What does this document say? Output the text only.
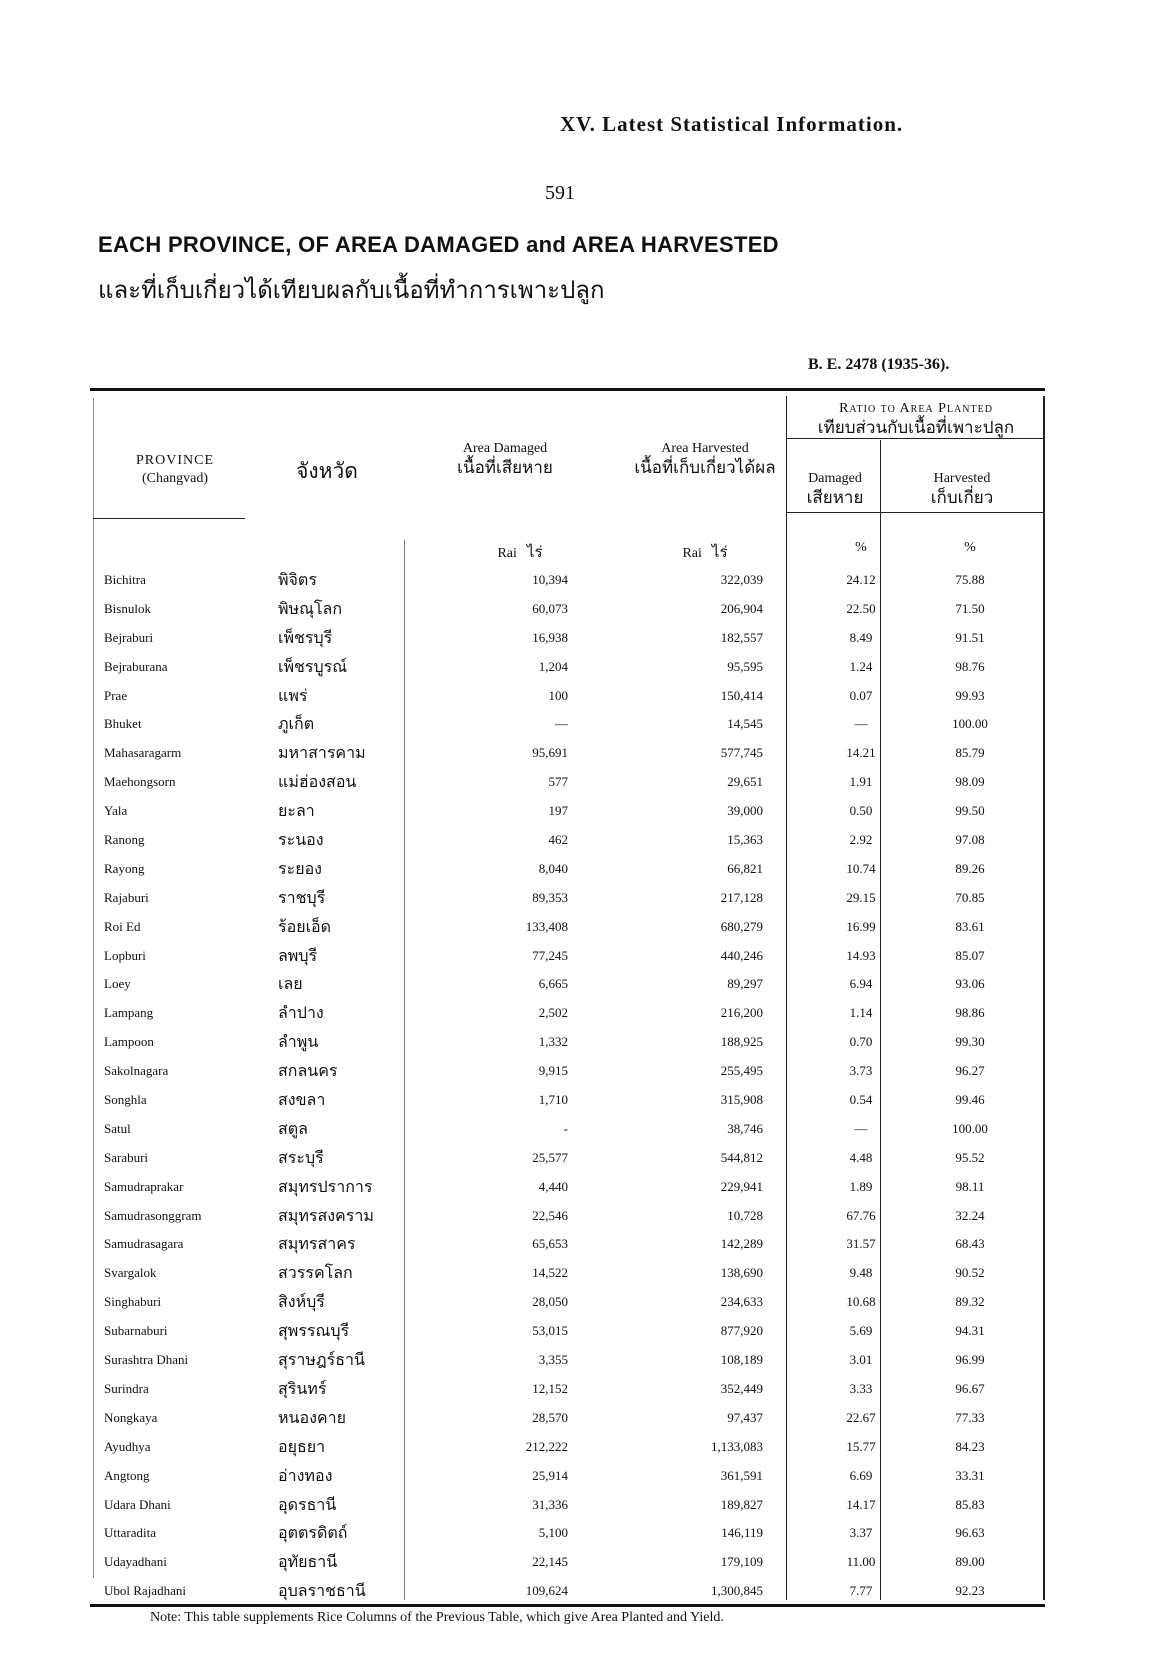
XV. Latest Statistical Information.
591
EACH PROVINCE, OF AREA DAMAGED and AREA HARVESTED
และที่เก็บเกี่ยวได้เทียบผลกับเนื้อที่ทำการเพาะปลูก
B. E. 2478 (1935-36).
PROVINCE
(Changvad)	จังหวัด
Area Damaged
เนื้อที่เสียหาย
Area Harvested
เนื้อที่เก็บเกี่ยวได้ผล
Ratio to Area Planted
เทียบส่วนกับเนื้อที่เพาะปลูก
Damaged
เสียหาย
Harvested
เก็บเกี่ยว
Rai ไร่	Rai ไร่	%	%
Bichitra	พิจิตร	10,394	322,039	24.12	75.88
Bisnulok	พิษณุโลก	60,073	206,904	22.50	71.50
Bejraburi	เพ็ชรบุรี	16,938	182,557	8.49	91.51
Bejraburana	เพ็ชรบูรณ์	1,204	95,595	1.24	98.76
Prae	แพร่	100	150,414	0.07	99.93
Bhuket	ภูเก็ต	—	14,545	—	100.00
Mahasaragarm	มหาสารคาม	95,691	577,745	14.21	85.79
Maehongsorn	แม่ฮ่องสอน	577	29,651	1.91	98.09
Yala	ยะลา	197	39,000	0.50	99.50
Ranong	ระนอง	462	15,363	2.92	97.08
Rayong	ระยอง	8,040	66,821	10.74	89.26
Rajaburi	ราชบุรี	89,353	217,128	29.15	70.85
Roi Ed	ร้อยเอ็ด	133,408	680,279	16.99	83.61
Lopburi	ลพบุรี	77,245	440,246	14.93	85.07
Loey	เลย	6,665	89,297	6.94	93.06
Lampang	ลำปาง	2,502	216,200	1.14	98.86
Lampoon	ลำพูน	1,332	188,925	0.70	99.30
Sakolnagara	สกลนคร	9,915	255,495	3.73	96.27
Songhla	สงขลา	1,710	315,908	0.54	99.46
Satul	สตูล	-	38,746	—	100.00
Saraburi	สระบุรี	25,577	544,812	4.48	95.52
Samudraprakar	สมุทรปราการ	4,440	229,941	1.89	98.11
Samudrasonggram	สมุทรสงคราม	22,546	10,728	67.76	32.24
Samudrasagara	สมุทรสาคร	65,653	142,289	31.57	68.43
Svargalok	สวรรคโลก	14,522	138,690	9.48	90.52
Singhaburi	สิงห์บุรี	28,050	234,633	10.68	89.32
Subarnaburi	สุพรรณบุรี	53,015	877,920	5.69	94.31
Surashtra Dhani	สุราษฎร์ธานี	3,355	108,189	3.01	96.99
Surindra	สุรินทร์	12,152	352,449	3.33	96.67
Nongkaya	หนองคาย	28,570	97,437	22.67	77.33
Ayudhya	อยุธยา	212,222	1,133,083	15.77	84.23
Angtong	อ่างทอง	25,914	361,591	6.69	33.31
Udara Dhani	อุดรธานี	31,336	189,827	14.17	85.83
Uttaradita	อุตตรดิตถ์	5,100	146,119	3.37	96.63
Udayadhani	อุทัยธานี	22,145	179,109	11.00	89.00
Ubol Rajadhani	อุบลราชธานี	109,624	1,300,845	7.77	92.23
Note: This table supplements Rice Columns of the Previous Table, which give Area Planted and Yield.
